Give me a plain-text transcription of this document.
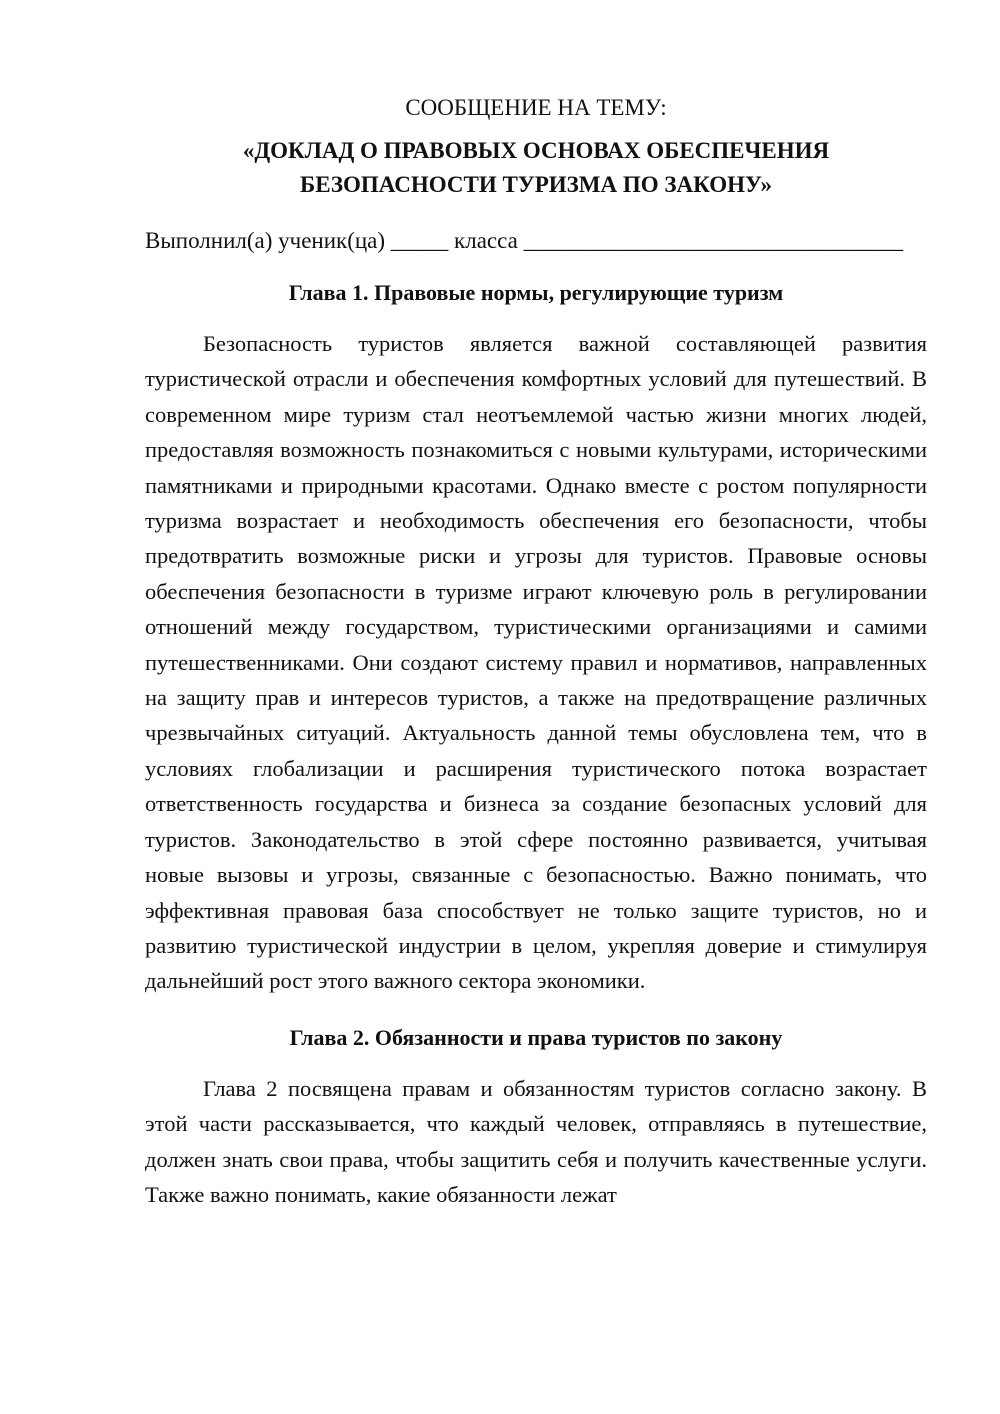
СООБЩЕНИЕ НА ТЕМУ:

«ДОКЛАД О ПРАВОВЫХ ОСНОВАХ ОБЕСПЕЧЕНИЯ
БЕЗОПАСНОСТИ ТУРИЗМА ПО ЗАКОНУ»

Выполнил(а) ученик(ца) _____ класса _________________________________

Глава 1. Правовые нормы, регулирующие туризм

Безопасность туристов является важной составляющей развития туристической отрасли и обеспечения комфортных условий для путешествий. В современном мире туризм стал неотъемлемой частью жизни многих людей, предоставляя возможность познакомиться с новыми культурами, историческими памятниками и природными красотами. Однако вместе с ростом популярности туризма возрастает и необходимость обеспечения его безопасности, чтобы предотвратить возможные риски и угрозы для туристов. Правовые основы обеспечения безопасности в туризме играют ключевую роль в регулировании отношений между государством, туристическими организациями и самими путешественниками. Они создают систему правил и нормативов, направленных на защиту прав и интересов туристов, а также на предотвращение различных чрезвычайных ситуаций. Актуальность данной темы обусловлена тем, что в условиях глобализации и расширения туристического потока возрастает ответственность государства и бизнеса за создание безопасных условий для туристов. Законодательство в этой сфере постоянно развивается, учитывая новые вызовы и угрозы, связанные с безопасностью. Важно понимать, что эффективная правовая база способствует не только защите туристов, но и развитию туристической индустрии в целом, укрепляя доверие и стимулируя дальнейший рост этого важного сектора экономики.

Глава 2. Обязанности и права туристов по закону

Глава 2 посвящена правам и обязанностям туристов согласно закону. В этой части рассказывается, что каждый человек, отправляясь в путешествие, должен знать свои права, чтобы защитить себя и получить качественные услуги. Также важно понимать, какие обязанности лежат
